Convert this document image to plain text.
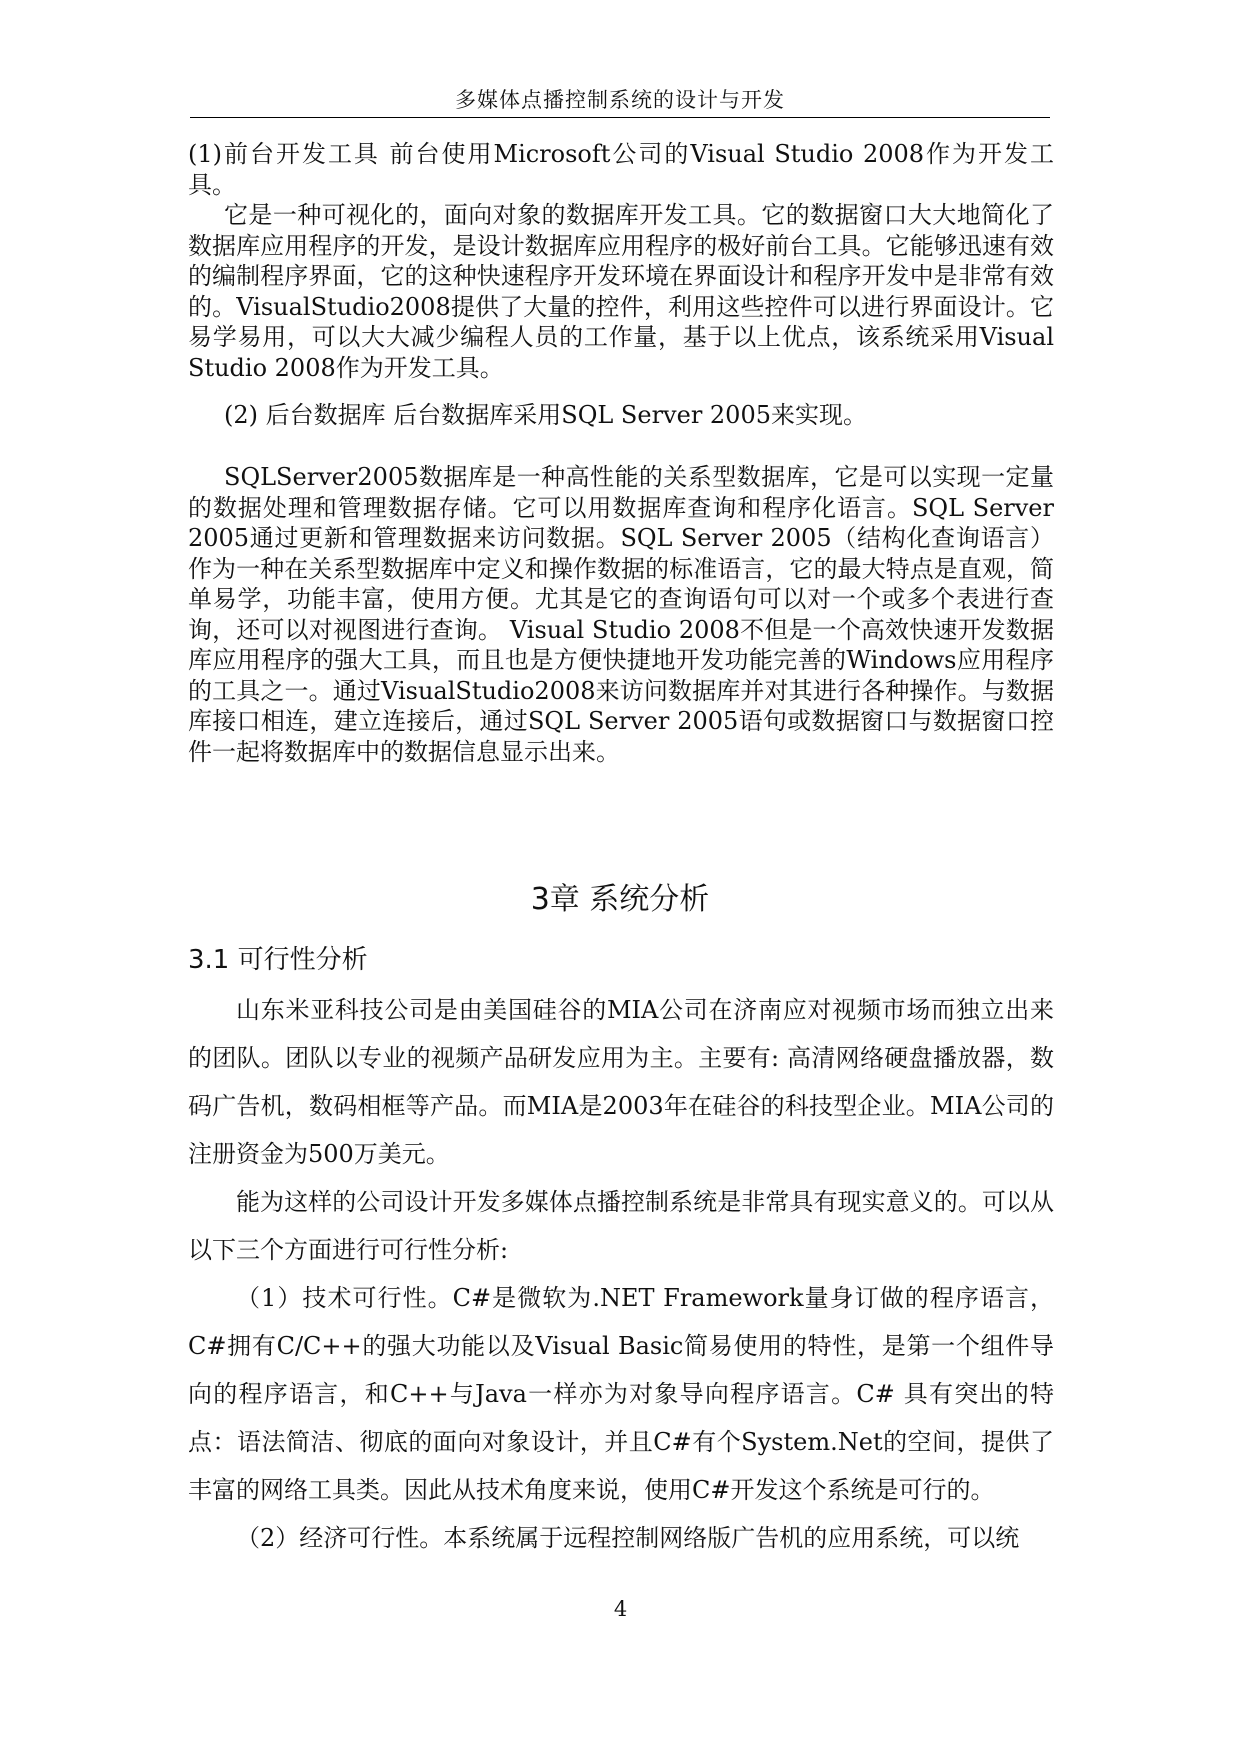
多媒体点播控制系统的设计与开发

(1)前台开发工具 前台使用Microsoft公司的Visual Studio 2008作为开发工具。

它是一种可视化的，面向对象的数据库开发工具。它的数据窗口大大地简化了数据库应用程序的开发，是设计数据库应用程序的极好前台工具。它能够迅速有效的编制程序界面，它的这种快速程序开发环境在界面设计和程序开发中是非常有效的。VisualStudio2008提供了大量的控件，利用这些控件可以进行界面设计。它易学易用，可以大大减少编程人员的工作量，基于以上优点，该系统采用Visual Studio 2008作为开发工具。

(2) 后台数据库 后台数据库采用SQL Server 2005来实现。

SQLServer2005数据库是一种高性能的关系型数据库，它是可以实现一定量的数据处理和管理数据存储。它可以用数据库查询和程序化语言。SQL Server 2005通过更新和管理数据来访问数据。SQL Server 2005（结构化查询语言）作为一种在关系型数据库中定义和操作数据的标准语言，它的最大特点是直观，简单易学，功能丰富，使用方便。尤其是它的查询语句可以对一个或多个表进行查询，还可以对视图进行查询。 Visual Studio 2008不但是一个高效快速开发数据库应用程序的强大工具，而且也是方便快捷地开发功能完善的Windows应用程序的工具之一。通过VisualStudio2008来访问数据库并对其进行各种操作。与数据库接口相连，建立连接后，通过SQL Server 2005语句或数据窗口与数据窗口控件一起将数据库中的数据信息显示出来。

3章 系统分析
3.1 可行性分析

山东米亚科技公司是由美国硅谷的MIA公司在济南应对视频市场而独立出来的团队。团队以专业的视频产品研发应用为主。主要有: 高清网络硬盘播放器，数码广告机，数码相框等产品。而MIA是2003年在硅谷的科技型企业。MIA公司的注册资金为500万美元。

能为这样的公司设计开发多媒体点播控制系统是非常具有现实意义的。可以从以下三个方面进行可行性分析:

（1）技术可行性。C#是微软为.NET Framework量身订做的程序语言，C#拥有C/C++的强大功能以及Visual Basic简易使用的特性，是第一个组件导向的程序语言，和C++与Java一样亦为对象导向程序语言。C# 具有突出的特点：语法简洁、彻底的面向对象设计，并且C#有个System.Net的空间，提供了丰富的网络工具类。因此从技术角度来说，使用C#开发这个系统是可行的。

（2）经济可行性。本系统属于远程控制网络版广告机的应用系统，可以统

4
